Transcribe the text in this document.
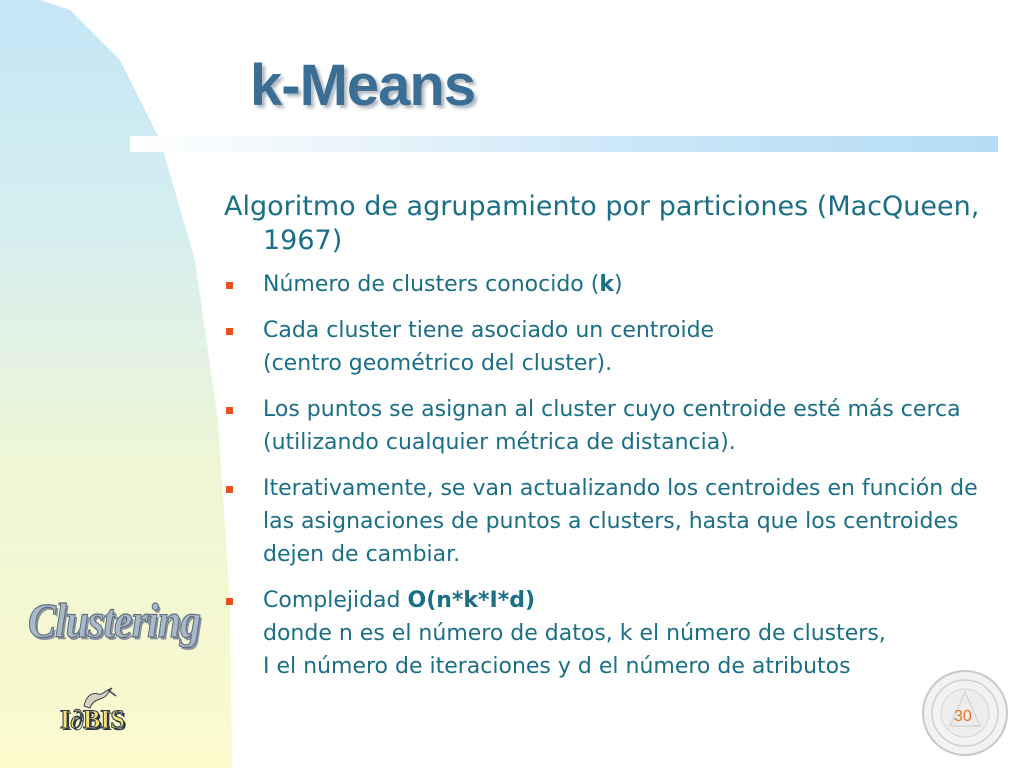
k-Means

Algoritmo de agrupamiento por particiones (MacQueen, 1967)

Número de clusters conocido (k)
Cada cluster tiene asociado un centroide
(centro geométrico del cluster).
Los puntos se asignan al cluster cuyo centroide esté más cerca (utilizando cualquier métrica de distancia).
Iterativamente, se van actualizando los centroides en función de las asignaciones de puntos a clusters, hasta que los centroides dejen de cambiar.
Complejidad O(n*k*I*d)
donde n es el número de datos, k el número de clusters,
I el número de iteraciones y d el número de atributos
Clustering
I∂BIS	30
